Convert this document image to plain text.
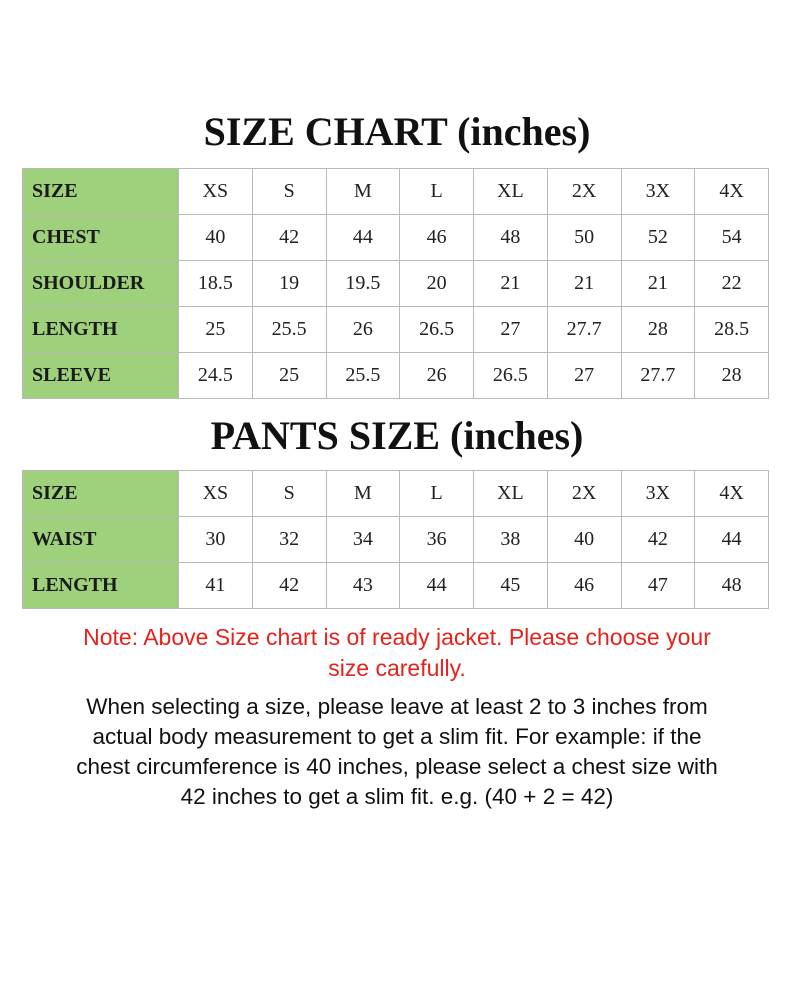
SIZE CHART (inches)
SIZE	XS	S	M	L	XL	2X	3X	4X
CHEST	40	42	44	46	48	50	52	54
SHOULDER	18.5	19	19.5	20	21	21	21	22
LENGTH	25	25.5	26	26.5	27	27.7	28	28.5
SLEEVE	24.5	25	25.5	26	26.5	27	27.7	28
PANTS SIZE (inches)
SIZE	XS	S	M	L	XL	2X	3X	4X
WAIST	30	32	34	36	38	40	42	44
LENGTH	41	42	43	44	45	46	47	48

Note: Above Size chart is of ready jacket. Please choose your
size carefully.

When selecting a size, please leave at least 2 to 3 inches from
actual body measurement to get a slim fit. For example: if the
chest circumference is 40 inches, please select a chest size with
42 inches to get a slim fit. e.g. (40 + 2 = 42)
